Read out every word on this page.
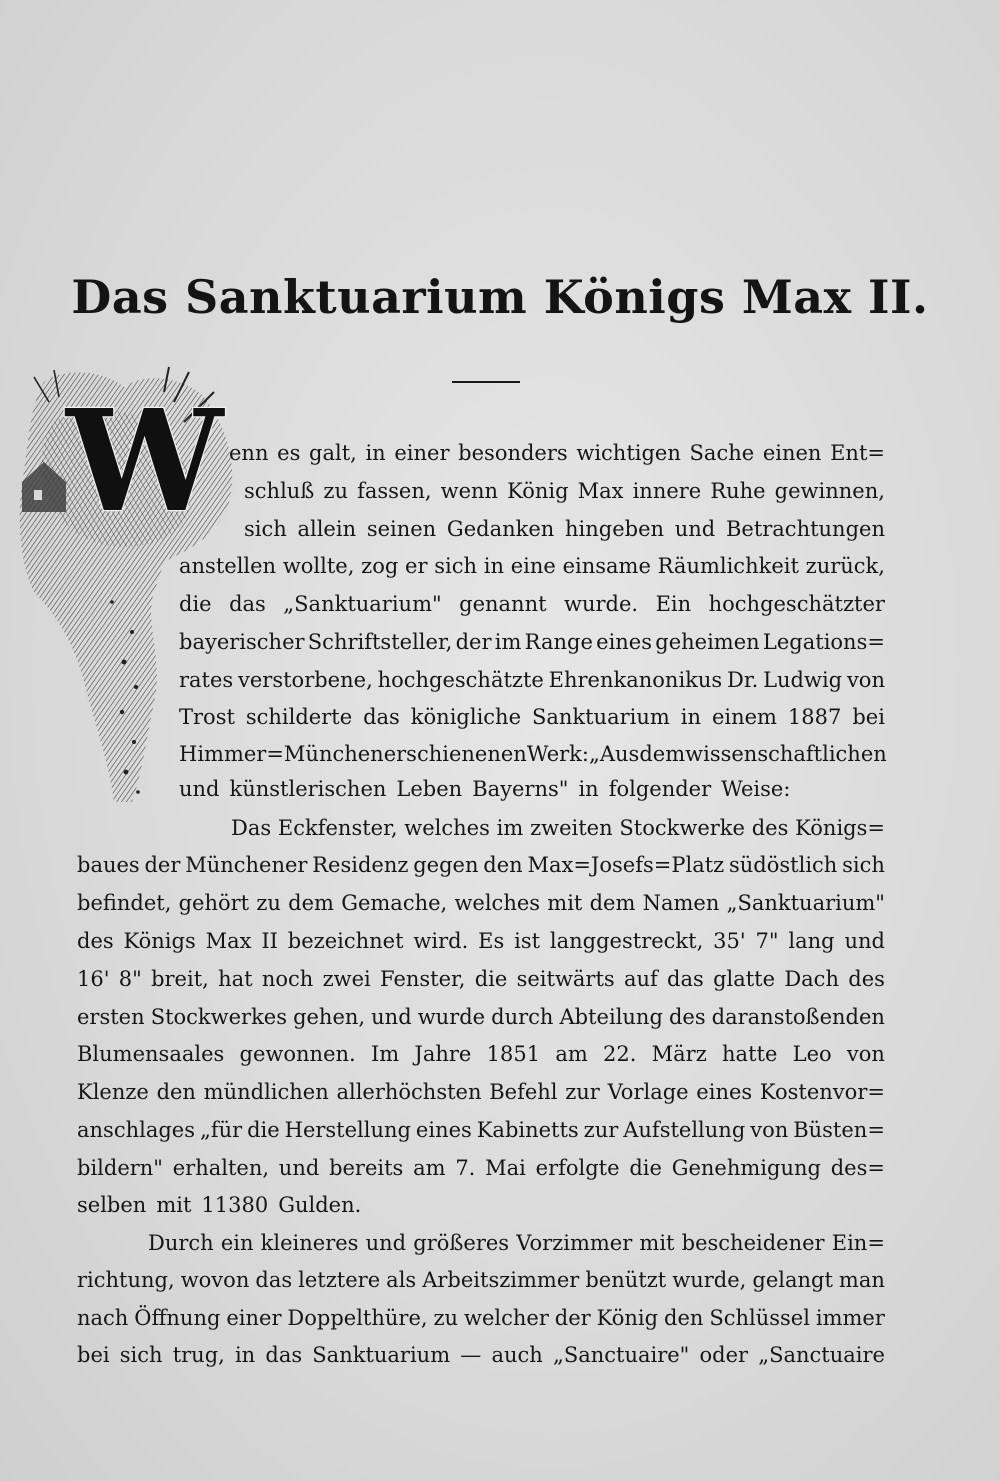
Das Sanktuarium Königs Max II.
W enn es galt, in einer besonders wichtigen Sache einen Ent=
schluß zu fassen, wenn König Max innere Ruhe gewinnen,
sich allein seinen Gedanken hingeben und Betrachtungen
anstellen wollte, zog er sich in eine einsame Räumlichkeit zurück,
die das „Sanktuarium" genannt wurde. Ein hochgeschätzter
bayerischer Schriftsteller, der im Range eines geheimen Legations=
rates verstorbene, hochgeschätzte Ehrenkanonikus Dr. Ludwig von
Trost schilderte das königliche Sanktuarium in einem 1887 bei
Himmer=München erschienenen Werk: „Aus dem wissenschaftlichen
und künstlerischen Leben Bayerns" in folgender Weise:
Das Eckfenster, welches im zweiten Stockwerke des Königs=
baues der Münchener Residenz gegen den Max=Josefs=Platz südöstlich sich
befindet, gehört zu dem Gemache, welches mit dem Namen „Sanktuarium"
des Königs Max II bezeichnet wird. Es ist langgestreckt, 35' 7" lang und
16' 8" breit, hat noch zwei Fenster, die seitwärts auf das glatte Dach des
ersten Stockwerkes gehen, und wurde durch Abteilung des daranstoßenden
Blumensaales gewonnen. Im Jahre 1851 am 22. März hatte Leo von
Klenze den mündlichen allerhöchsten Befehl zur Vorlage eines Kostenvor=
anschlages „für die Herstellung eines Kabinetts zur Aufstellung von Büsten=
bildern" erhalten, und bereits am 7. Mai erfolgte die Genehmigung des=
selben mit 11380 Gulden.
Durch ein kleineres und größeres Vorzimmer mit bescheidener Ein=
richtung, wovon das letztere als Arbeitszimmer benützt wurde, gelangt man
nach Öffnung einer Doppelthüre, zu welcher der König den Schlüssel immer
bei sich trug, in das Sanktuarium — auch „Sanctuaire" oder „Sanctuaire
